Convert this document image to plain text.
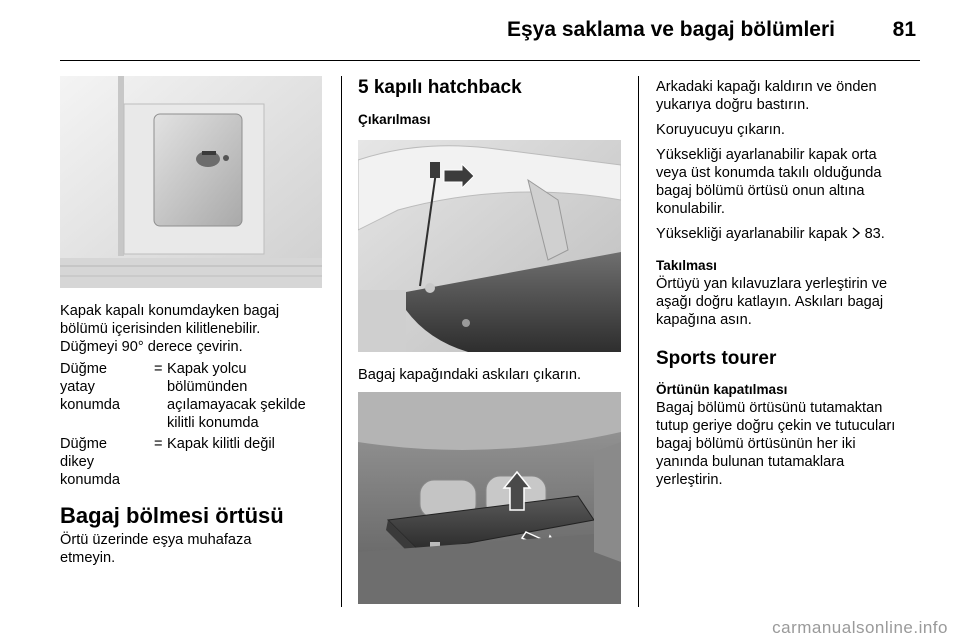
Eşya saklama ve bagaj bölümleri	81
Kapak kapalı konumdayken bagaj
bölümü içerisinden kilitlenebilir.
Düğmeyi 90° derece çevirin.
Düğme
yatay
konumda
= Kapak yolcu
bölümünden
açılamayacak şekilde
kilitli konumda
Düğme
dikey
konumda
= Kapak kilitli değil
Bagaj bölmesi örtüsü
Örtü üzerinde eşya muhafaza
etmeyin.
5 kapılı hatchback
Çıkarılması
Bagaj kapağındaki askıları çıkarın.

Arkadaki kapağı kaldırın ve önden
yukarıya doğru bastırın.

Koruyucuyu çıkarın.

Yüksekliği ayarlanabilir kapak orta
veya üst konumda takılı olduğunda
bagaj bölümü örtüsü onun altına
konulabilir.

Yüksekliği ayarlanabilir kapak 83.

Takılması
Örtüyü yan kılavuzlara yerleştirin ve
aşağı doğru katlayın. Askıları bagaj
kapağına asın.
Sports tourer
Örtünün kapatılması
Bagaj bölümü örtüsünü tutamaktan
tutup geriye doğru çekin ve tutucuları
bagaj bölümü örtüsünün her iki
yanında bulunan tutamaklara
yerleştirin.
carmanualsonline.info
